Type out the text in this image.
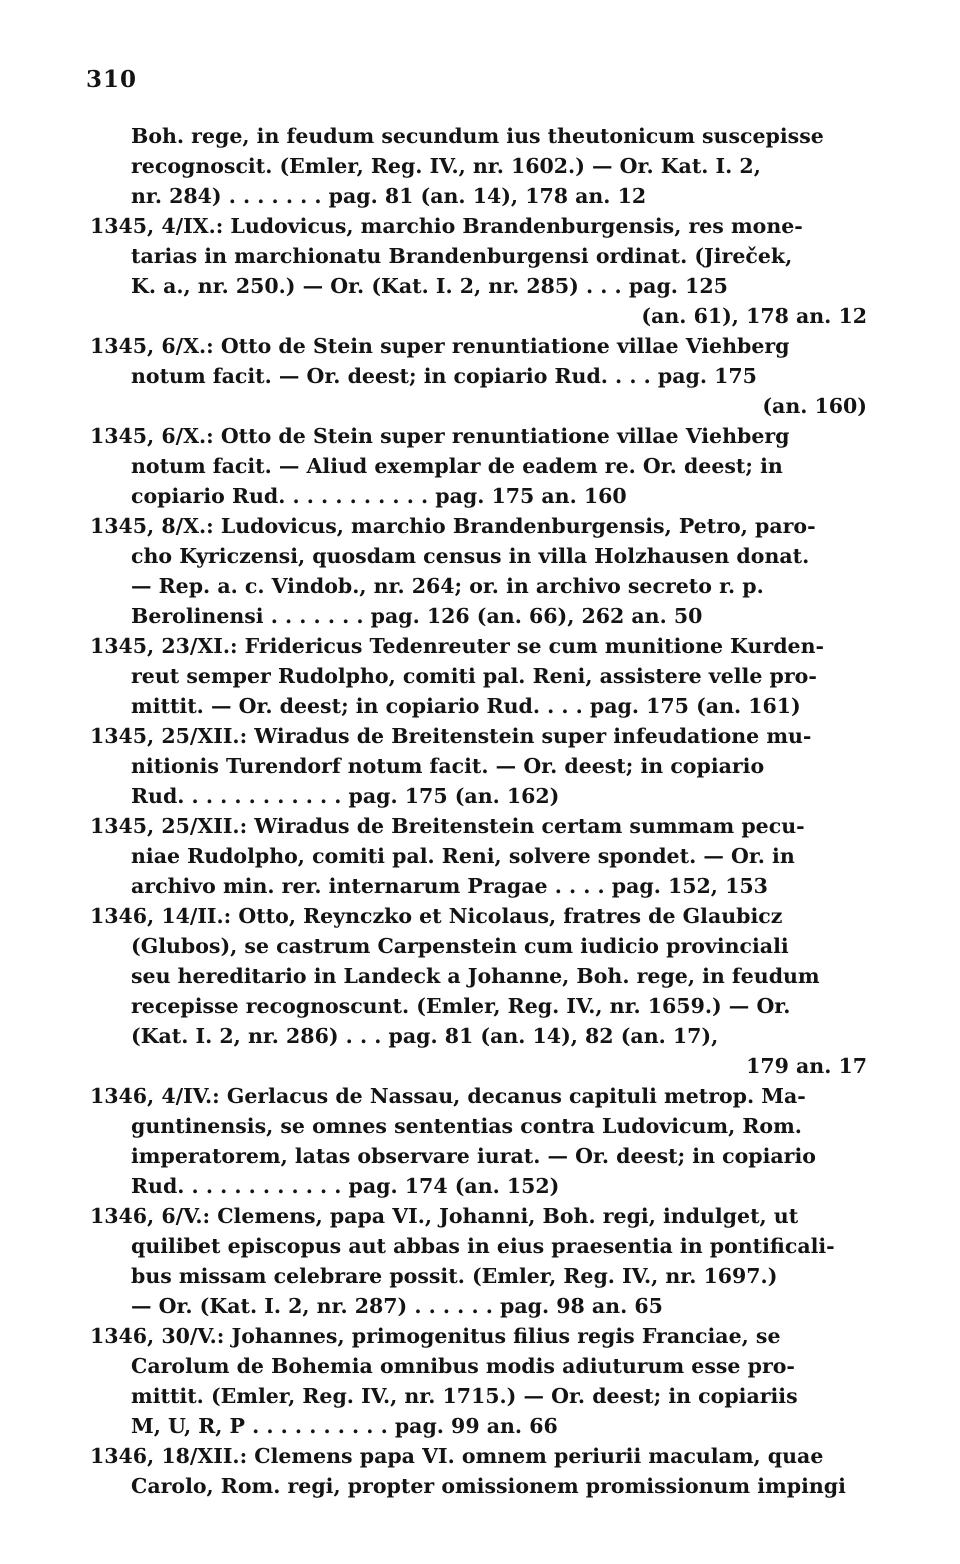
310
Boh. rege, in feudum secundum ius theutonicum suscepisse
recognoscit. (Emler, Reg. IV., nr. 1602.) — Or. Kat. I. 2,
nr. 284) . . . . . . . pag. 81 (an. 14), 178 an. 12
1345, 4/IX.: Ludovicus, marchio Brandenburgensis, res mone-
tarias in marchionatu Brandenburgensi ordinat. (Jireček,
K. a., nr. 250.) — Or. (Kat. I. 2, nr. 285) . . . pag. 125
(an. 61), 178 an. 12
1345, 6/X.: Otto de Stein super renuntiatione villae Viehberg
notum facit. — Or. deest; in copiario Rud. . . . pag. 175
(an. 160)
1345, 6/X.: Otto de Stein super renuntiatione villae Viehberg
notum facit. — Aliud exemplar de eadem re. Or. deest; in
copiario Rud. . . . . . . . . . . pag. 175 an. 160
1345, 8/X.: Ludovicus, marchio Brandenburgensis, Petro, paro-
cho Kyriczensi, quosdam census in villa Holzhausen donat.
— Rep. a. c. Vindob., nr. 264; or. in archivo secreto r. p.
Berolinensi . . . . . . . pag. 126 (an. 66), 262 an. 50
1345, 23/XI.: Fridericus Tedenreuter se cum munitione Kurden-
reut semper Rudolpho, comiti pal. Reni, assistere velle pro-
mittit. — Or. deest; in copiario Rud. . . . pag. 175 (an. 161)
1345, 25/XII.: Wiradus de Breitenstein super infeudatione mu-
nitionis Turendorf notum facit. — Or. deest; in copiario
Rud. . . . . . . . . . . . pag. 175 (an. 162)
1345, 25/XII.: Wiradus de Breitenstein certam summam pecu-
niae Rudolpho, comiti pal. Reni, solvere spondet. — Or. in
archivo min. rer. internarum Pragae . . . . pag. 152, 153
1346, 14/II.: Otto, Reynczko et Nicolaus, fratres de Glaubicz
(Glubos), se castrum Carpenstein cum iudicio provinciali
seu hereditario in Landeck a Johanne, Boh. rege, in feudum
recepisse recognoscunt. (Emler, Reg. IV., nr. 1659.) — Or.
(Kat. I. 2, nr. 286) . . . pag. 81 (an. 14), 82 (an. 17),
179 an. 17
1346, 4/IV.: Gerlacus de Nassau, decanus capituli metrop. Ma-
guntinensis, se omnes sententias contra Ludovicum, Rom.
imperatorem, latas observare iurat. — Or. deest; in copiario
Rud. . . . . . . . . . . . pag. 174 (an. 152)
1346, 6/V.: Clemens, papa VI., Johanni, Boh. regi, indulget, ut
quilibet episcopus aut abbas in eius praesentia in pontificali-
bus missam celebrare possit. (Emler, Reg. IV., nr. 1697.)
— Or. (Kat. I. 2, nr. 287) . . . . . . pag. 98 an. 65
1346, 30/V.: Johannes, primogenitus filius regis Franciae, se
Carolum de Bohemia omnibus modis adiuturum esse pro-
mittit. (Emler, Reg. IV., nr. 1715.) — Or. deest; in copiariis
M, U, R, P . . . . . . . . . . pag. 99 an. 66
1346, 18/XII.: Clemens papa VI. omnem periurii maculam, quae
Carolo, Rom. regi, propter omissionem promissionum impingi
